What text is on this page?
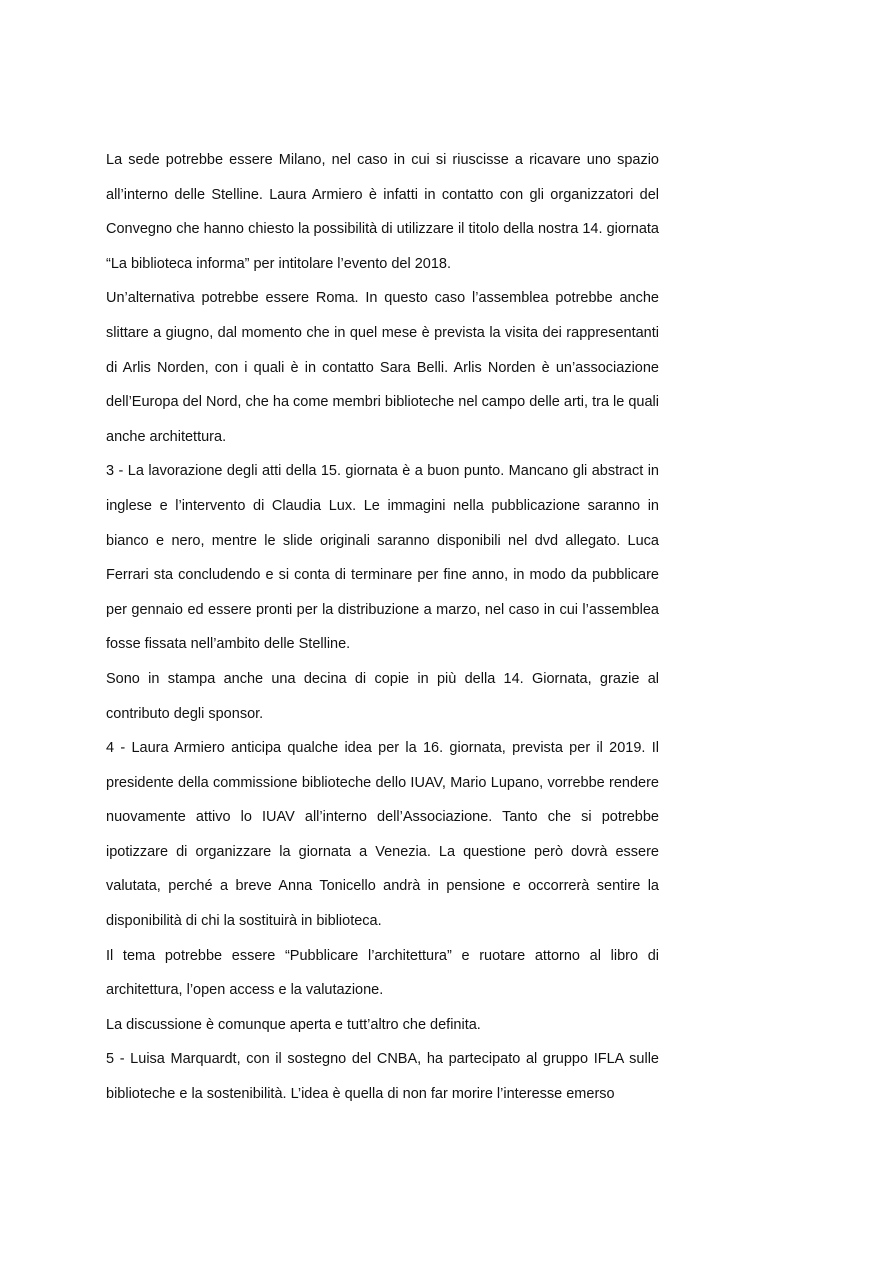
La sede potrebbe essere Milano, nel caso in cui si riuscisse a ricavare uno spazio all’interno delle Stelline. Laura Armiero è infatti in contatto con gli organizzatori del Convegno che hanno chiesto la possibilità di utilizzare il titolo della nostra 14. giornata “La biblioteca informa” per intitolare l’evento del 2018.

Un’alternativa potrebbe essere Roma. In questo caso l’assemblea potrebbe anche slittare a giugno, dal momento che in quel mese è prevista la visita dei rappresentanti di Arlis Norden, con i quali è in contatto Sara Belli. Arlis Norden è un’associazione dell’Europa del Nord, che ha come membri biblioteche nel campo delle arti, tra le quali anche architettura.

3 - La lavorazione degli atti della 15. giornata è a buon punto. Mancano gli abstract in inglese e l’intervento di Claudia Lux. Le immagini nella pubblicazione saranno in bianco e nero, mentre le slide originali saranno disponibili nel dvd allegato. Luca Ferrari sta concludendo e si conta di terminare per fine anno, in modo da pubblicare per gennaio ed essere pronti per la distribuzione a marzo, nel caso in cui l’assemblea fosse fissata nell’ambito delle Stelline.

Sono in stampa anche una decina di copie in più della 14. Giornata, grazie al contributo degli sponsor.

4 - Laura Armiero anticipa qualche idea per la 16. giornata, prevista per il 2019. Il presidente della commissione biblioteche dello IUAV, Mario Lupano, vorrebbe rendere nuovamente attivo lo IUAV all’interno dell’Associazione. Tanto che si potrebbe ipotizzare di organizzare la giornata a Venezia. La questione però dovrà essere valutata, perché a breve Anna Tonicello andrà in pensione e occorrerà sentire la disponibilità di chi la sostituirà in biblioteca.

Il tema potrebbe essere “Pubblicare l’architettura” e ruotare attorno al libro di architettura, l’open access e la valutazione.

La discussione è comunque aperta e tutt’altro che definita.

5 - Luisa Marquardt, con il sostegno del CNBA, ha partecipato al gruppo IFLA sulle biblioteche e la sostenibilità. L’idea è quella di non far morire l’interesse emerso
